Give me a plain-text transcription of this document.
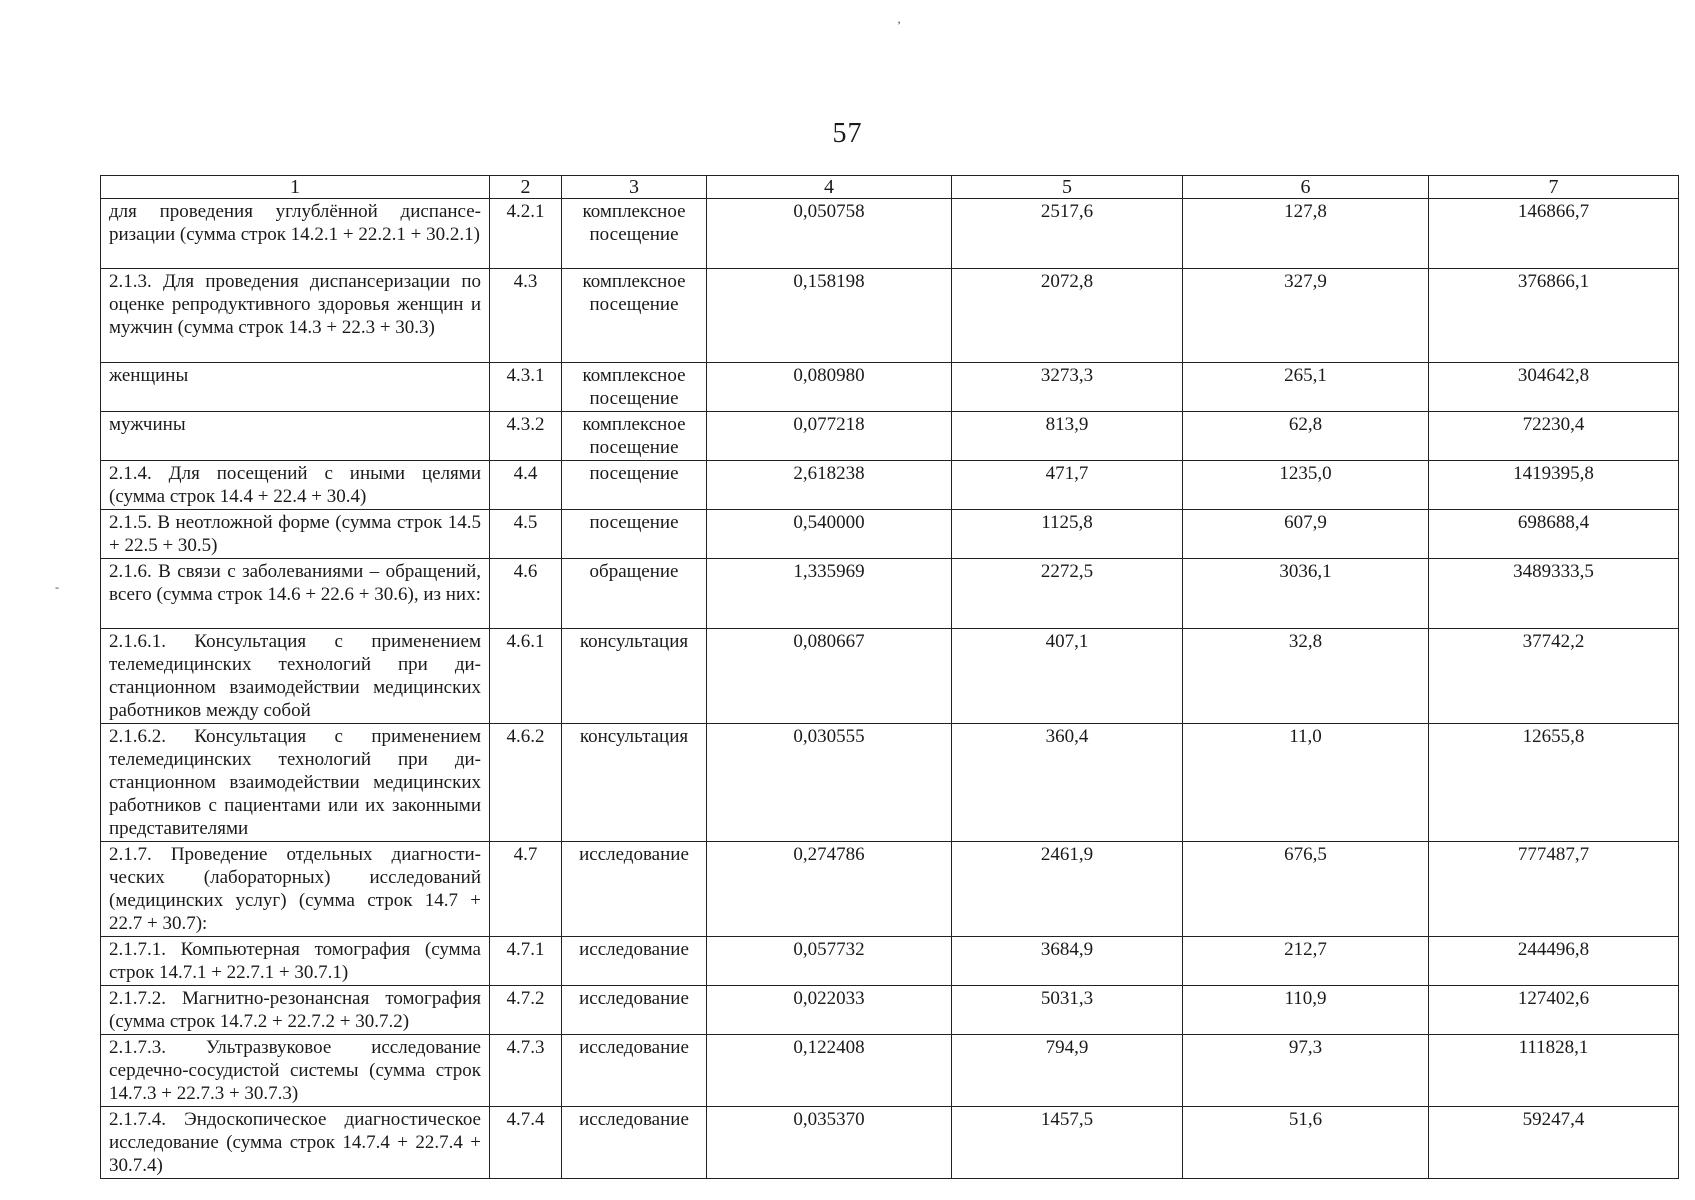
’
-
57
1	2	3	4	5	6	7
для проведения углублённой диспансеризации (сумма строк 14.2.1 + 22.2.1 + 30.2.1)	4.2.1	комплексное посещение	0,050758	2517,6	127,8	146866,7
2.1.3. Для проведения диспансеризации по оценке репродуктивного здоровья женщин и мужчин (сумма строк 14.3 + 22.3 + 30.3)	4.3	комплексное посещение	0,158198	2072,8	327,9	376866,1
женщины	4.3.1	комплексное посещение	0,080980	3273,3	265,1	304642,8
мужчины	4.3.2	комплексное посещение	0,077218	813,9	62,8	72230,4
2.1.4. Для посещений с иными целями (сумма строк 14.4 + 22.4 + 30.4)	4.4	посещение	2,618238	471,7	1235,0	1419395,8
2.1.5. В неотложной форме (сумма строк 14.5 + 22.5 + 30.5)	4.5	посещение	0,540000	1125,8	607,9	698688,4
2.1.6. В связи с заболеваниями – обращений, всего (сумма строк 14.6 + 22.6 + 30.6), из них:	4.6	обращение	1,335969	2272,5	3036,1	3489333,5
2.1.6.1. Консультация с применением телемедицинских технологий при дистанционном взаимодействии медицинских работников между собой	4.6.1	консультация	0,080667	407,1	32,8	37742,2
2.1.6.2. Консультация с применением телемедицинских технологий при дистанционном взаимодействии медицинских работников с пациентами или их законными представителями	4.6.2	консультация	0,030555	360,4	11,0	12655,8
2.1.7. Проведение отдельных диагностических (лабораторных) исследований (медицинских услуг) (сумма строк 14.7 + 22.7 + 30.7):	4.7	исследование	0,274786	2461,9	676,5	777487,7
2.1.7.1. Компьютерная томография (сумма строк 14.7.1 + 22.7.1 + 30.7.1)	4.7.1	исследование	0,057732	3684,9	212,7	244496,8
2.1.7.2. Магнитно-резонансная томография (сумма строк 14.7.2 + 22.7.2 + 30.7.2)	4.7.2	исследование	0,022033	5031,3	110,9	127402,6
2.1.7.3. Ультразвуковое исследование сердечно-сосудистой системы (сумма строк 14.7.3 + 22.7.3 + 30.7.3)	4.7.3	исследование	0,122408	794,9	97,3	111828,1
2.1.7.4. Эндоскопическое диагностическое исследование (сумма строк 14.7.4 + 22.7.4 + 30.7.4)	4.7.4	исследование	0,035370	1457,5	51,6	59247,4
